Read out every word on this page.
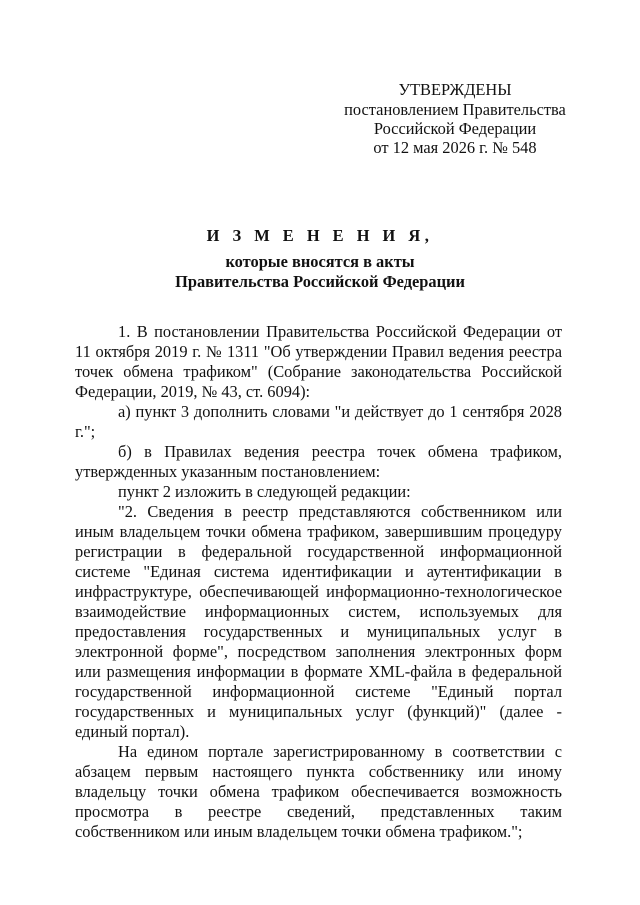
УТВЕРЖДЕНЫ
постановлением Правительства
Российской Федерации
от 12 мая 2026 г. № 548
И З М Е Н Е Н И Я,
которые вносятся в акты
Правительства Российской Федерации

1. В постановлении Правительства Российской Федерации от 11 октября 2019 г. № 1311 "Об утверждении Правил ведения реестра точек обмена трафиком" (Собрание законодательства Российской Федерации, 2019, № 43, ст. 6094):

а) пункт 3 дополнить словами "и действует до 1 сентября 2028 г.";

б) в Правилах ведения реестра точек обмена трафиком, утвержденных указанным постановлением:

пункт 2 изложить в следующей редакции:

"2. Сведения в реестр представляются собственником или иным владельцем точки обмена трафиком, завершившим процедуру регистрации в федеральной государственной информационной системе "Единая система идентификации и аутентификации в инфраструктуре, обеспечивающей информационно-технологическое взаимодействие информационных систем, используемых для предоставления государственных и муниципальных услуг в электронной форме", посредством заполнения электронных форм или размещения информации в формате XML-файла в федеральной государственной информационной системе "Единый портал государственных и муниципальных услуг (функций)" (далее - единый портал).

На едином портале зарегистрированному в соответствии с абзацем первым настоящего пункта собственнику или иному владельцу точки обмена трафиком обеспечивается возможность просмотра в реестре сведений, представленных таким собственником или иным владельцем точки обмена трафиком.";
